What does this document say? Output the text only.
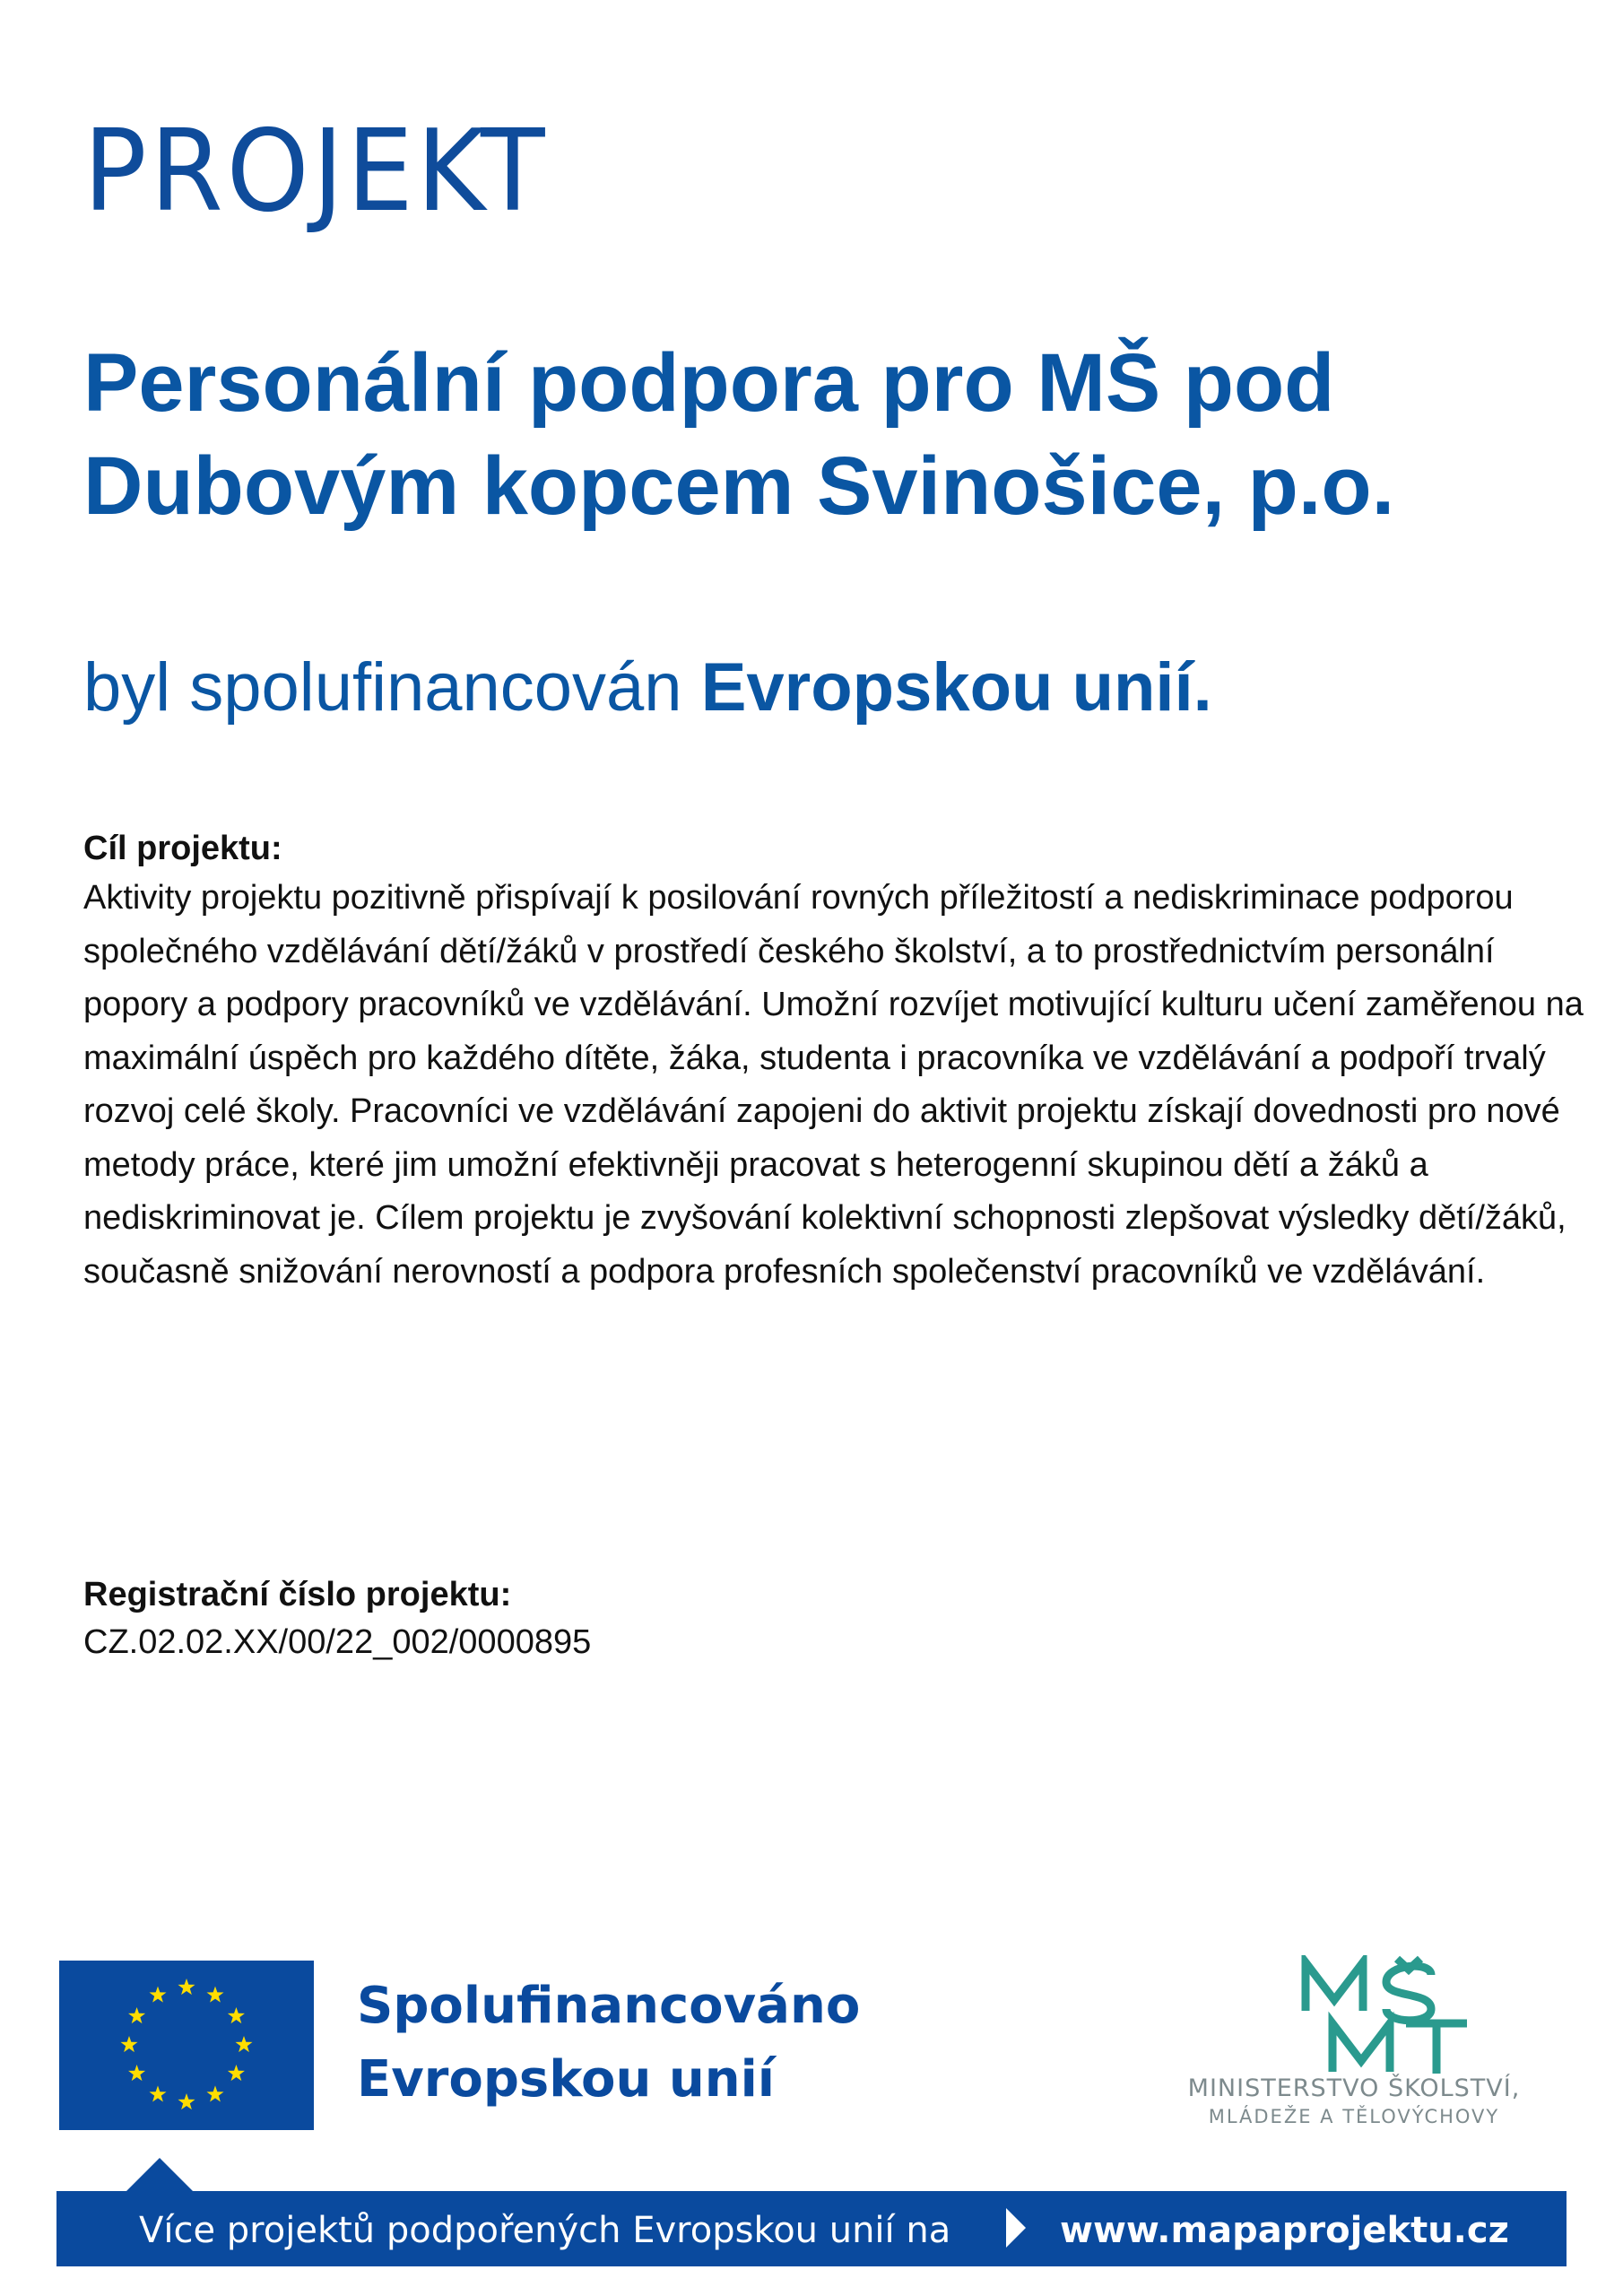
PROJEKT
Personální podpora pro MŠ pod Dubovým kopcem Svinošice, p.o.

byl spolufinancován Evropskou unií.

Cíl projektu:

Aktivity projektu pozitivně přispívají k posilování rovných příležitostí a nediskriminace podporou společného vzdělávání dětí/žáků v prostředí českého školství, a to prostřednictvím personální popory a podpory pracovníků ve vzdělávání. Umožní rozvíjet motivující kulturu učení zaměřenou na maximální úspěch pro každého dítěte, žáka, studenta i pracovníka ve vzdělávání a podpoří trvalý rozvoj celé školy. Pracovníci ve vzdělávání zapojeni do aktivit projektu získají dovednosti pro nové metody práce, které jim umožní efektivněji pracovat s heterogenní skupinou dětí a žáků a nediskriminovat je. Cílem projektu je zvyšování kolektivní schopnosti zlepšovat výsledky dětí/žáků, současně snižování nerovností a podpora profesních společenství pracovníků ve vzdělávání.

Registrační číslo projektu:

CZ.02.02.XX/00/22_002/0000895

Spolufinancováno
Evropskou unií	MINISTERSTVO ŠKOLSTVÍ,

MLÁDEŽE A TĚLOVÝCHOVY

Více projektů podpořených Evropskou unií na	www.mapaprojektu.cz
